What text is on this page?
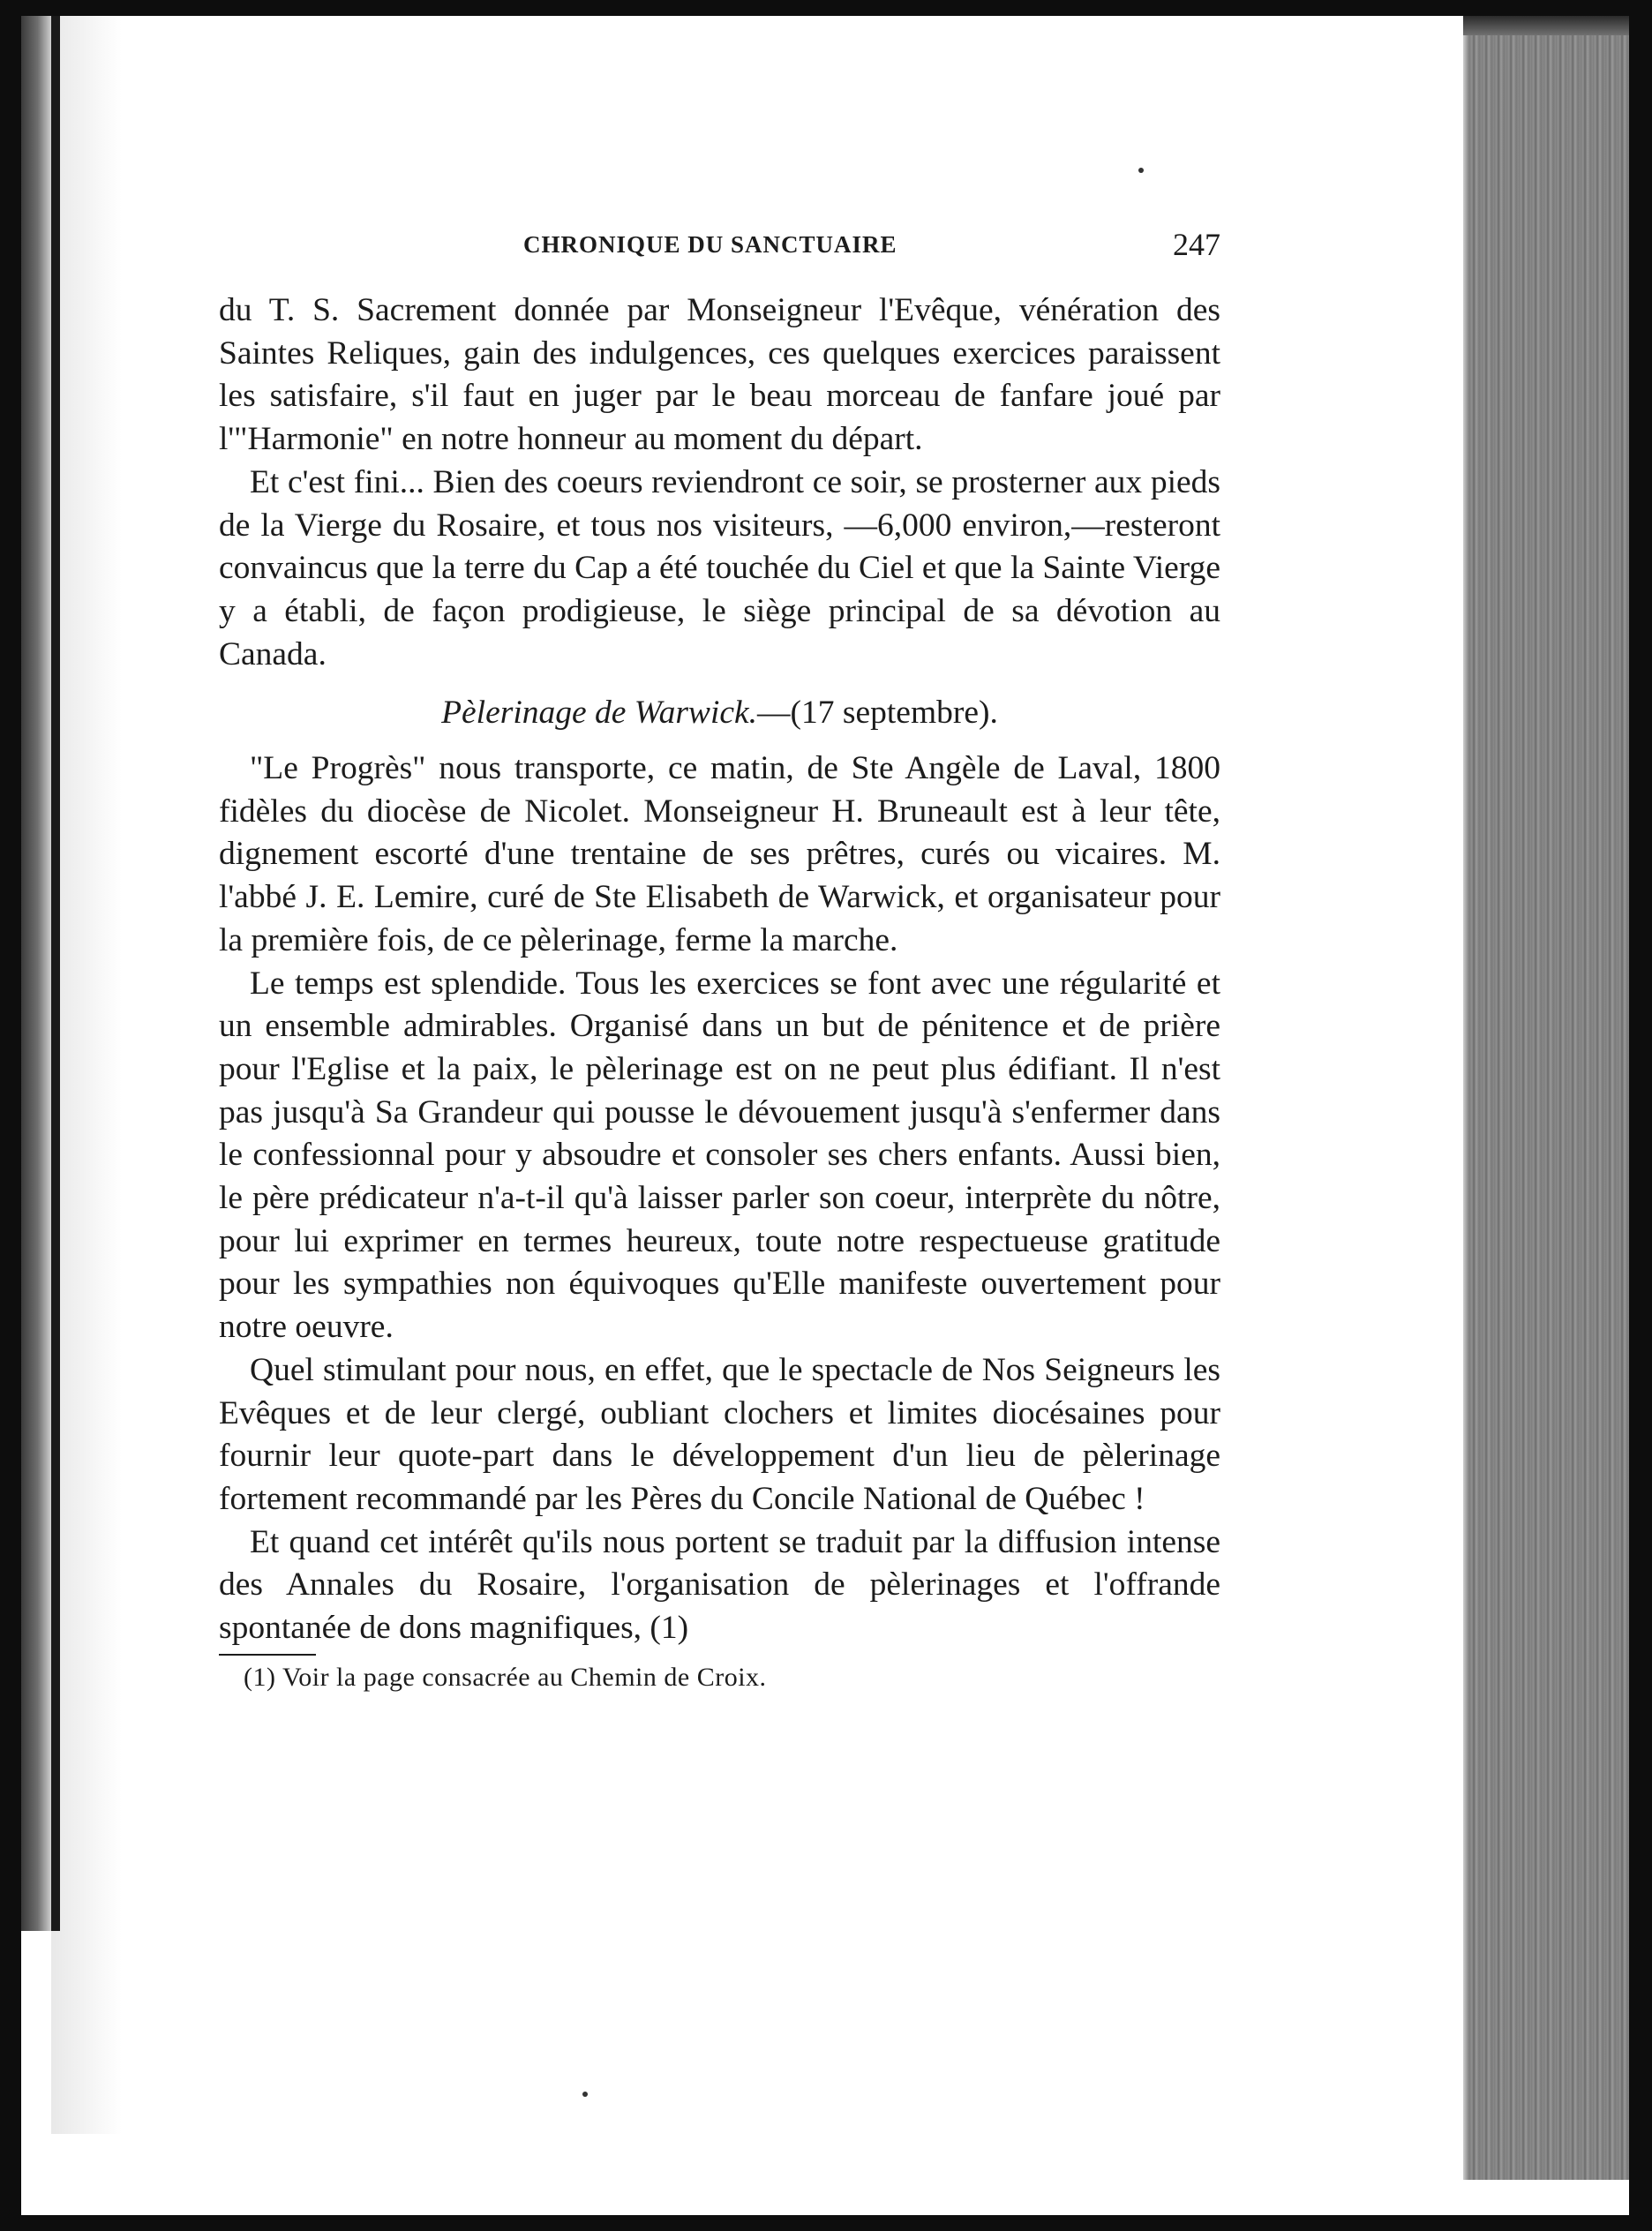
CHRONIQUE DU SANCTUAIRE	247

du T. S. Sacrement donnée par Monseigneur l'Evêque, vénération des Saintes Reliques, gain des indulgences, ces quelques exercices paraissent les satisfaire, s'il faut en juger par le beau morceau de fanfare joué par l'"Harmonie" en notre honneur au moment du départ.

Et c'est fini... Bien des coeurs reviendront ce soir, se prosterner aux pieds de la Vierge du Rosaire, et tous nos visiteurs, —6,000 environ,—resteront convaincus que la terre du Cap a été touchée du Ciel et que la Sainte Vierge y a établi, de façon prodigieuse, le siège principal de sa dévotion au Canada.

Pèlerinage de Warwick.—(17 septembre).

"Le Progrès" nous transporte, ce matin, de Ste Angèle de Laval, 1800 fidèles du diocèse de Nicolet. Monseigneur H. Bruneault est à leur tête, dignement escorté d'une trentaine de ses prêtres, curés ou vicaires. M. l'abbé J. E. Lemire, curé de Ste Elisabeth de Warwick, et organisateur pour la première fois, de ce pèlerinage, ferme la marche.

Le temps est splendide. Tous les exercices se font avec une régularité et un ensemble admirables. Organisé dans un but de pénitence et de prière pour l'Eglise et la paix, le pèlerinage est on ne peut plus édifiant. Il n'est pas jusqu'à Sa Grandeur qui pousse le dévouement jusqu'à s'enfermer dans le confessionnal pour y absoudre et consoler ses chers enfants. Aussi bien, le père prédicateur n'a-t-il qu'à laisser parler son coeur, interprète du nôtre, pour lui exprimer en termes heureux, toute notre respectueuse gratitude pour les sympathies non équivoques qu'Elle manifeste ouvertement pour notre oeuvre.

Quel stimulant pour nous, en effet, que le spectacle de Nos Seigneurs les Evêques et de leur clergé, oubliant clochers et limites diocésaines pour fournir leur quote-part dans le développement d'un lieu de pèlerinage fortement recommandé par les Pères du Concile National de Québec !

Et quand cet intérêt qu'ils nous portent se traduit par la diffusion intense des Annales du Rosaire, l'organisation de pèlerinages et l'offrande spontanée de dons magnifiques, (1)

(1) Voir la page consacrée au Chemin de Croix.
